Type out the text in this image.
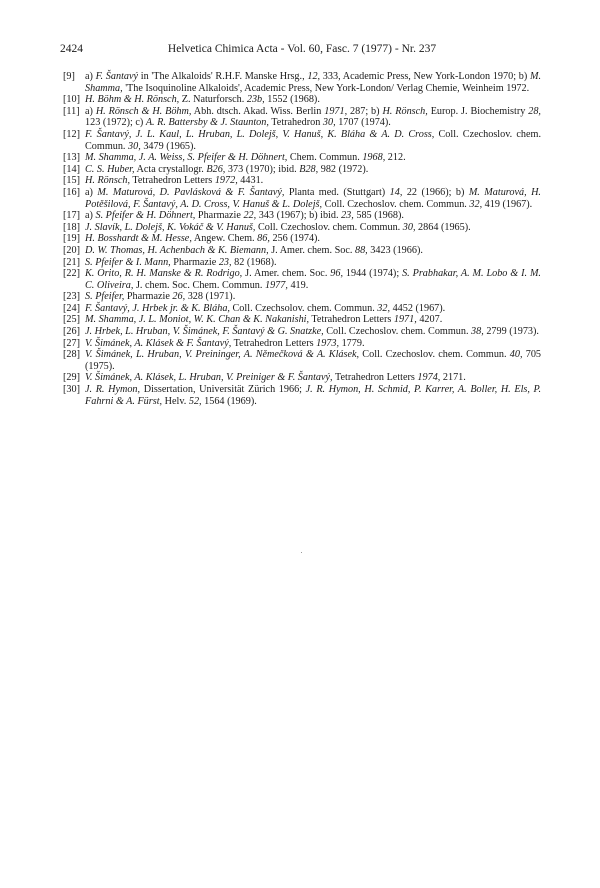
2424	Helvetica Chimica Acta - Vol. 60, Fasc. 7 (1977) - Nr. 237
[9] a) F. Šantavý in 'The Alkaloids' R.H.F. Manske Hrsg., 12, 333, Academic Press, New York-London 1970; b) M. Shamma, 'The Isoquinoline Alkaloids', Academic Press, New York-London/ Verlag Chemie, Weinheim 1972.
[10] H. Böhm & H. Rönsch, Z. Naturforsch. 23b, 1552 (1968).
[11] a) H. Rönsch & H. Böhm, Abh. dtsch. Akad. Wiss. Berlin 1971, 287; b) H. Rönsch, Europ. J. Biochemistry 28, 123 (1972); c) A. R. Battersby & J. Staunton, Tetrahedron 30, 1707 (1974).
[12] F. Šantavý, J. L. Kaul, L. Hruban, L. Dolejš, V. Hanuš, K. Bláha & A. D. Cross, Coll. Czechoslov. chem. Commun. 30, 3479 (1965).
[13] M. Shamma, J. A. Weiss, S. Pfeifer & H. Döhnert, Chem. Commun. 1968, 212.
[14] C. S. Huber, Acta crystallogr. B26, 373 (1970); ibid. B28, 982 (1972).
[15] H. Rönsch, Tetrahedron Letters 1972, 4431.
[16] a) M. Maturová, D. Pavlásková & F. Šantavý, Planta med. (Stuttgart) 14, 22 (1966); b) M. Maturová, H. Potěšilová, F. Šantavý, A. D. Cross, V. Hanuš & L. Dolejš, Coll. Czechoslov. chem. Commun. 32, 419 (1967).
[17] a) S. Pfeifer & H. Döhnert, Pharmazie 22, 343 (1967); b) ibid. 23, 585 (1968).
[18] J. Slavík, L. Dolejš, K. Vokáč & V. Hanuš, Coll. Czechoslov. chem. Commun. 30, 2864 (1965).
[19] H. Bosshardt & M. Hesse, Angew. Chem. 86, 256 (1974).
[20] D. W. Thomas, H. Achenbach & K. Biemann, J. Amer. chem. Soc. 88, 3423 (1966).
[21] S. Pfeifer & I. Mann, Pharmazie 23, 82 (1968).
[22] K. Orito, R. H. Manske & R. Rodrigo, J. Amer. chem. Soc. 96, 1944 (1974); S. Prabhakar, A. M. Lobo & I. M. C. Oliveira, J. chem. Soc. Chem. Commun. 1977, 419.
[23] S. Pfeifer, Pharmazie 26, 328 (1971).
[24] F. Šantavý, J. Hrbek jr. & K. Bláha, Coll. Czechsolov. chem. Commun. 32, 4452 (1967).
[25] M. Shamma, J. L. Moniot, W. K. Chan & K. Nakanishi, Tetrahedron Letters 1971, 4207.
[26] J. Hrbek, L. Hruban, V. Šimánek, F. Šantavý & G. Snatzke, Coll. Czechoslov. chem. Commun. 38, 2799 (1973).
[27] V. Šimánek, A. Klásek & F. Šantavý, Tetrahedron Letters 1973, 1779.
[28] V. Šimánek, L. Hruban, V. Preininger, A. Němečková & A. Klásek, Coll. Czechoslov. chem. Commun. 40, 705 (1975).
[29] V. Šimánek, A. Klásek, L. Hruban, V. Preiniger & F. Šantavý, Tetrahedron Letters 1974, 2171.
[30] J. R. Hymon, Dissertation, Universität Zürich 1966; J. R. Hymon, H. Schmid, P. Karrer, A. Boller, H. Els, P. Fahrni & A. Fürst, Helv. 52, 1564 (1969).
